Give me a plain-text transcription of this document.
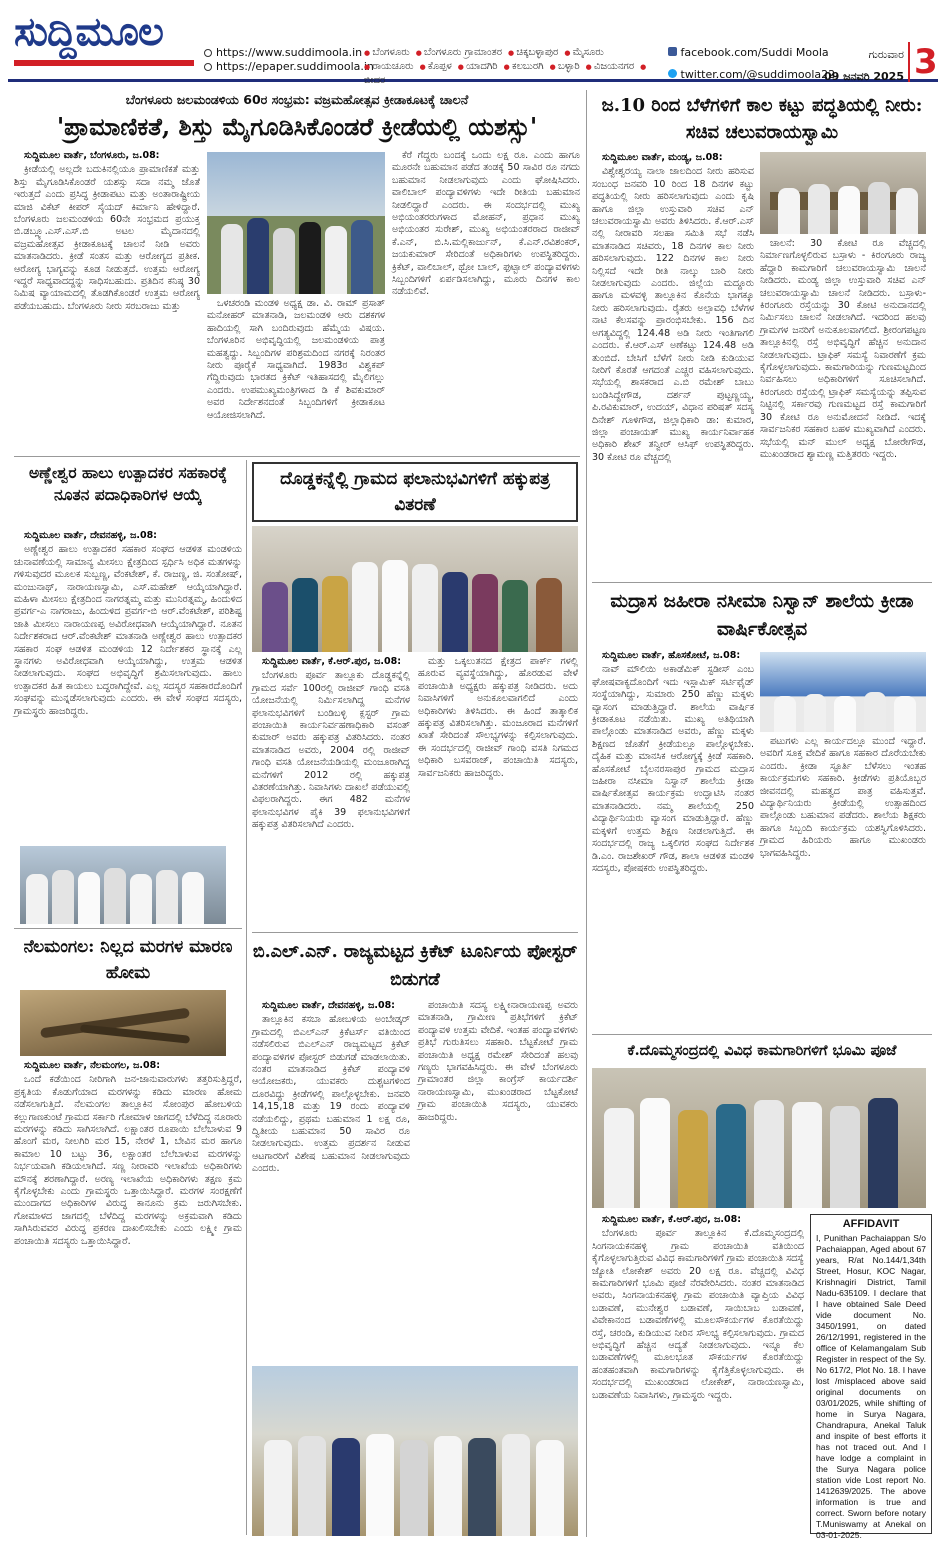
ಸುದ್ದಿಮೂಲ	https://www.suddimoola.in
https://epaper.suddimoola.in
● ಬೆಂಗಳೂರು ● ಬೆಂಗಳೂರು ಗ್ರಾಮಾಂತರ ● ಚಿಕ್ಕಬಳ್ಳಾಪುರ ● ಮೈಸೂರು
● ರಾಯಚೂರು ● ಕೊಪ್ಪಳ ● ಯಾದಗಿರಿ ● ಕಲಬುರಗಿ ● ಬಳ್ಳಾರಿ ● ವಿಜಯನಗರ● ಬೀದರ
facebook.com/Suddi Moola
twitter.com/@suddimoola22
ಗುರುವಾರ
09 ಜನವರಿ 2025 3
ಬೆಂಗಳೂರು ಜಲಮಂಡಳಿಯ 60ರ ಸಂಭ್ರಮ: ವಜ್ರಮಹೋತ್ಸವ ಕ್ರೀಡಾಕೂಟಕ್ಕೆ ಚಾಲನೆ
'ಪ್ರಾಮಾಣಿಕತೆ, ಶಿಸ್ತು ಮೈಗೂಡಿಸಿಕೊಂಡರೆ ಕ್ರೀಡೆಯಲ್ಲಿ ಯಶಸ್ಸು'

ಸುದ್ದಿಮೂಲ ವಾರ್ತೆ, ಬೆಂಗಳೂರು, ಜ.08:

ಕ್ರೀಡೆಯಲ್ಲಿ ಅಲ್ಲದೇ ಬದುಕಿನಲ್ಲಿಯೂ ಪ್ರಾಮಾಣಿಕತೆ ಮತ್ತು ಶಿಸ್ತು ಮೈಗೂಡಿಸಿಕೊಂಡರೆ ಯಶಸ್ಸು ಸದಾ ನಮ್ಮ ಜೊತೆ ಇರುತ್ತದೆ ಎಂದು ಪ್ರಸಿದ್ಧ ಕ್ರೀಡಾಪಟು ಮತ್ತು ಅಂತಾರಾಷ್ಟ್ರೀಯ ಮಾಜಿ ವಿಕೆಟ್ ಕೀಪರ್ ಸೈಯದ್ ಕಿರ್ಮಾನಿ ಹೇಳಿದ್ದಾರೆ. ಬೆಂಗಳೂರು ಜಲಮಂಡಳಿಯ 60ನೇ ಸಂಭ್ರಮದ ಪ್ರಯುಕ್ತ ಬಿ.ಡಬ್ಲ್ಯೂ.ಎಸ್.ಎಸ್.ಬಿ ಅಟಲ ಮೈದಾನದಲ್ಲಿ ವಜ್ರಮಹೋತ್ಸವ ಕ್ರೀಡಾಕೂಟಕ್ಕೆ ಚಾಲನೆ ನೀಡಿ ಅವರು ಮಾತನಾಡಿದರು. ಕ್ರೀಡೆ ಸಂತಸ ಮತ್ತು ಆರೋಗ್ಯದ ಪ್ರತೀಕ. ಆರೋಗ್ಯ ಭಾಗ್ಯವನ್ನು ಕೂಡ ನೀಡುತ್ತದೆ. ಉತ್ತಮ ಆರೋಗ್ಯ ಇದ್ದರೆ ಸಾಧ್ಯವಾದದ್ದನ್ನು ಸಾಧಿಸಬಹುದು. ಪ್ರತಿದಿನ ಕನಿಷ್ಠ 30 ನಿಮಿಷ ವ್ಯಾಯಾಮದಲ್ಲಿ ತೊಡಗಿಕೊಂಡರೆ ಉತ್ತಮ ಆರೋಗ್ಯ ಪಡೆಯಬಹುದು. ಬೆಂಗಳೂರು ನೀರು ಸರಬರಾಜು ಮತ್ತು	ಒಳಚರಂಡಿ ಮಂಡಳಿ ಅಧ್ಯಕ್ಷ ಡಾ. ವಿ. ರಾಮ್ ಪ್ರಸಾತ್ ಮನೋಹರ್ ಮಾತನಾಡಿ, ಜಲಮಂಡಳಿ ಆರು ದಶಕಗಳ ಹಾದಿಯಲ್ಲಿ ಸಾಗಿ ಬಂದಿರುವುದು ಹೆಮ್ಮೆಯ ವಿಷಯ. ಬೆಂಗಳೂರಿನ ಅಭಿವೃದ್ಧಿಯಲ್ಲಿ ಜಲಮಂಡಳಿಯ ಪಾತ್ರ ಮಹತ್ವದ್ದು. ಸಿಬ್ಬಂದಿಗಳ ಪರಿಶ್ರಮದಿಂದ ನಗರಕ್ಕೆ ನಿರಂತರ ನೀರು ಪೂರೈಕೆ ಸಾಧ್ಯವಾಗಿದೆ. 1983ರ ವಿಶ್ವಕಪ್ ಗೆದ್ದಿರುವುದು ಭಾರತದ ಕ್ರಿಕೆಟ್ ಇತಿಹಾಸದಲ್ಲಿ ಮೈಲಿಗಲ್ಲು ಎಂದರು. ಉಪಮುಖ್ಯಮಂತ್ರಿಗಳಾದ ಡಿ ಕೆ ಶಿವಕುಮಾರ್ ಅವರ ನಿರ್ದೇಶನದಂತೆ ಸಿಬ್ಬಂದಿಗಳಿಗೆ ಕ್ರೀಡಾಕೂಟ ಆಯೋಜಿಸಲಾಗಿದೆ.

ಕೆರೆ ಗೆದ್ದರು ಬಂದಕ್ಕೆ ಒಂದು ಲಕ್ಷ ರೂ. ಎಂದು ಹಾಗೂ ಮೂರನೇ ಬಹುಮಾನ ಪಡೆದ ತಂಡಕ್ಕೆ 50 ಸಾವಿರ ರೂ ನಗದು ಬಹುಮಾನ ನೀಡಲಾಗುವುದು ಎಂದು ಘೋಷಿಸಿದರು. ವಾಲಿಬಾಲ್ ಪಂದ್ಯಾವಳಿಗಳು ಇದೇ ರೀತಿಯ ಬಹುಮಾನ ನೀಡಲಿದ್ದಾರೆ ಎಂದರು. ಈ ಸಂದರ್ಭದಲ್ಲಿ ಮುಖ್ಯ ಅಭಿಯಂತರರುಗಳಾದ ಮೋಹನ್, ಪ್ರಧಾನ ಮುಖ್ಯ ಅಭಿಯಂತರ ಸುರೇಶ್, ಮುಖ್ಯ ಅಭಿಯಂತರರಾದ ರಾಜೀವ್ ಕೆ.ಎನ್, ಬಿ.ಸಿ.ಮಲ್ಲಿಕಾರ್ಜುನ್, ಕೆ.ಎನ್.ರವಿಶಂಕರ್, ಜಯಕುಮಾರ್ ಸೇರಿದಂತೆ ಅಧಿಕಾರಿಗಳು ಉಪಸ್ಥಿತರಿದ್ದರು. ಕ್ರಿಕೆಟ್, ವಾಲಿಬಾಲ್, ಥ್ರೋ ಬಾಲ್, ಫುಟ್ಬಾಲ್ ಪಂದ್ಯಾವಳಿಗಳು ಸಿಬ್ಬಂದಿಗಳಿಗೆ ಏರ್ಪಡಿಸಲಾಗಿದ್ದು, ಮೂರು ದಿನಗಳ ಕಾಲ ನಡೆಯಲಿವೆ.

ಜ.10 ರಿಂದ ಬೆಳೆಗಳಿಗೆ ಕಾಲ ಕಟ್ಟು ಪದ್ಧತಿಯಲ್ಲಿ ನೀರು: ಸಚಿವ ಚಲುವರಾಯಸ್ವಾಮಿ

ಸುದ್ದಿಮೂಲ ವಾರ್ತೆ, ಮಂಡ್ಯ, ಜ.08:

ವಿಶ್ವೇಶ್ವರಯ್ಯ ನಾಲಾ ಜಾಲದಿಂದ ನೀರು ಹರಿಸುವ ಸಂಬಂಧ ಜನವರಿ 10 ರಿಂದ 18 ದಿನಗಳ ಕಟ್ಟು ಪದ್ಧತಿಯಲ್ಲಿ ನೀರು ಹರಿಸಲಾಗುವುದು ಎಂದು ಕೃಷಿ ಹಾಗೂ ಜಿಲ್ಲಾ ಉಸ್ತುವಾರಿ ಸಚಿವ ಎನ್ ಚಲುವರಾಯಸ್ವಾಮಿ ಅವರು ತಿಳಿಸಿದರು. ಕೆ.ಆರ್.ಎಸ್ ನಲ್ಲಿ ನೀರಾವರಿ ಸಲಹಾ ಸಮಿತಿ ಸಭೆ ನಡೆಸಿ ಮಾತನಾಡಿದ ಸಚಿವರು, 18 ದಿನಗಳ ಕಾಲ ನೀರು ಹರಿಸಲಾಗುವುದು. 122 ದಿನಗಳ ಕಾಲ ನೀರು ನಿಲ್ಲಿಸದೆ ಇದೇ ರೀತಿ ನಾಲ್ಕು ಬಾರಿ ನೀರು ನೀಡಲಾಗುವುದು ಎಂದರು. ಜಿಲ್ಲೆಯ ಮದ್ದೂರು ಹಾಗೂ ಮಳವಳ್ಳಿ ತಾಲ್ಲೂಕಿನ ಕೊನೆಯ ಭಾಗಕ್ಕೂ ನೀರು ಹರಿಸಲಾಗುವುದು. ರೈತರು ಅಲ್ಪಾವಧಿ ಬೆಳೆಗಳ ನಾಟಿ ಕೆಲಸವನ್ನು ಪ್ರಾರಂಭಿಸಬೇಕು. 156 ದಿನ ಅಗತ್ಯವಿದ್ದಲ್ಲಿ 124.48 ಅಡಿ ನೀರು ಇಂತಿಗಾಗಲಿ ಎಂದರು. ಕೆ.ಆರ್.ಎಸ್ ಅಣೆಕಟ್ಟು 124.48 ಅಡಿ ತುಂಬಿದೆ. ಬೇಸಿಗೆ ಬೆಳೆಗೆ ನೀರು ನೀಡಿ ಕುಡಿಯುವ ನೀರಿಗೆ ಕೊರತೆ ಆಗದಂತೆ ಎಚ್ಚರ ವಹಿಸಲಾಗುವುದು. ಸಭೆಯಲ್ಲಿ ಶಾಸಕರಾದ ಎ.ಬಿ ರಮೇಶ್ ಬಾಬು ಬಂಡಿಸಿದ್ದೇಗೌಡ, ದರ್ಶನ್ ಪುಟ್ಟಣ್ಣಯ್ಯ, ಪಿ.ರವಿಕುಮಾರ್, ಉದಯ್, ವಿಧಾನ ಪರಿಷತ್ ಸದಸ್ಯ ದಿನೇಶ್ ಗೂಳಿಗೌಡ, ಜಿಲ್ಲಾಧಿಕಾರಿ ಡಾ: ಕುಮಾರ, ಜಿಲ್ಲಾ ಪಂಚಾಯತ್ ಮುಖ್ಯ ಕಾರ್ಯನಿರ್ವಾಹಕ ಅಧಿಕಾರಿ ಶೇಖ್ ತನ್ವೀರ್ ಆಸಿಫ್ ಉಪಸ್ಥಿತರಿದ್ದರು. 30 ಕೋಟಿ ರೂ ವೆಚ್ಚದಲ್ಲಿ

ಚಾಲನೆ: 30 ಕೋಟಿ ರೂ ವೆಚ್ಚದಲ್ಲಿ ನಿರ್ಮಾಣಗೊಳ್ಳಲಿರುವ ಬಸ್ರಾಳು - ಕಿರಂಗೂರು ರಾಜ್ಯ ಹೆದ್ದಾರಿ ಕಾಮಗಾರಿಗೆ ಚಲುವರಾಯಸ್ವಾಮಿ ಚಾಲನೆ ನೀಡಿದರು. ಮಂಡ್ಯ ಜಿಲ್ಲಾ ಉಸ್ತುವಾರಿ ಸಚಿವ ಎನ್ ಚಲುವರಾಯಸ್ವಾಮಿ ಚಾಲನೆ ನೀಡಿದರು. ಬಸ್ರಾಳು-ಕಿರಂಗೂರು ರಸ್ತೆಯನ್ನು 30 ಕೋಟಿ ಅನುದಾನದಲ್ಲಿ ನಿರ್ಮಿಸಲು ಚಾಲನೆ ನೀಡಲಾಗಿದೆ. ಇದರಿಂದ ಹಲವು ಗ್ರಾಮಗಳ ಜನರಿಗೆ ಅನುಕೂಲವಾಗಲಿದೆ. ಶ್ರೀರಂಗಪಟ್ಟಣ ತಾಲ್ಲೂಕಿನಲ್ಲಿ ರಸ್ತೆ ಅಭಿವೃದ್ಧಿಗೆ ಹೆಚ್ಚಿನ ಅನುದಾನ ನೀಡಲಾಗುವುದು. ಟ್ರಾಫಿಕ್ ಸಮಸ್ಯೆ ನಿವಾರಣೆಗೆ ಕ್ರಮ ಕೈಗೊಳ್ಳಲಾಗುವುದು. ಕಾಮಗಾರಿಯನ್ನು ಗುಣಮಟ್ಟದಿಂದ ನಿರ್ವಹಿಸಲು ಅಧಿಕಾರಿಗಳಿಗೆ ಸೂಚಿಸಲಾಗಿದೆ. ಕಿರಂಗೂರು ರಸ್ತೆಯಲ್ಲಿ ಟ್ರಾಫಿಕ್ ಸಮಸ್ಯೆಯನ್ನು ತಪ್ಪಿಸುವ ನಿಟ್ಟಿನಲ್ಲಿ ಸರ್ಕಾರವು ಗುಣಮಟ್ಟದ ರಸ್ತೆ ಕಾಮಗಾರಿಗೆ 30 ಕೋಟಿ ರೂ ಅನುಮೋದನೆ ನೀಡಿದೆ. ಇದಕ್ಕೆ ಸಾರ್ವಜನಿಕರ ಸಹಕಾರ ಬಹಳ ಮುಖ್ಯವಾಗಿದೆ ಎಂದರು. ಸಭೆಯಲ್ಲಿ ಮನ್ ಮುಲ್ ಅಧ್ಯಕ್ಷ ಬೋರೇಗೌಡ, ಮುಖಂಡರಾದ ಶ್ಯಾಮಣ್ಣ ಮತ್ತಿತರರು ಇದ್ದರು.

ಅಣ್ಣೇಶ್ವರ ಹಾಲು ಉತ್ಪಾದಕರ ಸಹಕಾರಕ್ಕೆ ನೂತನ ಪದಾಧಿಕಾರಿಗಳ ಆಯ್ಕೆ

ಸುದ್ದಿಮೂಲ ವಾರ್ತೆ, ದೇವನಹಳ್ಳಿ, ಜ.08:

ಅಣ್ಣೇಶ್ವರ ಹಾಲು ಉತ್ಪಾದಕರ ಸಹಕಾರ ಸಂಘದ ಆಡಳಿತ ಮಂಡಳಿಯ ಚುನಾವಣೆಯಲ್ಲಿ ಸಾಮಾನ್ಯ ಮೀಸಲು ಕ್ಷೇತ್ರದಿಂದ ಸ್ಪರ್ಧಿಸಿ ಅಧಿಕ ಮತಗಳನ್ನು ಗಳಿಸುವುದರ ಮೂಲಕ ಸುಬ್ಬಣ್ಣ, ವೆಂಕಟೇಶ್, ಕೆ. ರಾಜಣ್ಣ, ಜಿ. ಸಂತೋಷ್, ಮಂಜುನಾಥ್, ನಾರಾಯಣಸ್ವಾಮಿ, ಎಸ್.ಮಹೇಶ್ ಆಯ್ಕೆಯಾಗಿದ್ದಾರೆ. ಮಹಿಳಾ ಮೀಸಲು ಕ್ಷೇತ್ರದಿಂದ ನಾಗರತ್ನಮ್ಮ ಮತ್ತು ಮುನಿರತ್ನಮ್ಮ, ಹಿಂದುಳಿದ ಪ್ರವರ್ಗ-ಎ ನಾಗರಾಜು, ಹಿಂದುಳಿದ ಪ್ರವರ್ಗ-ಬಿ ಆರ್.ವೆಂಕಟೇಶ್, ಪರಿಶಿಷ್ಟ ಜಾತಿ ಮೀಸಲು ನಾರಾಯಣಪ್ಪ ಅವಿರೋಧವಾಗಿ ಆಯ್ಕೆಯಾಗಿದ್ದಾರೆ. ನೂತನ ನಿರ್ದೇಶಕರಾದ ಆರ್.ವೆಂಕಟೇಶ್ ಮಾತನಾಡಿ ಅಣ್ಣೇಶ್ವರ ಹಾಲು ಉತ್ಪಾದಕರ ಸಹಕಾರ ಸಂಘ ಆಡಳಿತ ಮಂಡಳಿಯ 12 ನಿರ್ದೇಶಕರ ಸ್ಥಾನಕ್ಕೆ ಎಲ್ಲ ಸ್ಥಾನಗಳು ಅವಿರೋಧವಾಗಿ ಆಯ್ಕೆಯಾಗಿದ್ದು, ಉತ್ತಮ ಆಡಳಿತ ನೀಡಲಾಗುವುದು. ಸಂಘದ ಅಭಿವೃದ್ಧಿಗೆ ಶ್ರಮಿಸಲಾಗುವುದು. ಹಾಲು ಉತ್ಪಾದಕರ ಹಿತ ಕಾಯಲು ಬದ್ಧರಾಗಿದ್ದೇವೆ. ಎಲ್ಲ ಸದಸ್ಯರ ಸಹಕಾರದೊಂದಿಗೆ ಸಂಘವನ್ನು ಮುನ್ನಡೆಸಲಾಗುವುದು ಎಂದರು. ಈ ವೇಳೆ ಸಂಘದ ಸದಸ್ಯರು, ಗ್ರಾಮಸ್ಥರು ಹಾಜರಿದ್ದರು.

ದೊಡ್ಡಕನ್ನೆಲ್ಲಿ ಗ್ರಾಮದ ಫಲಾನುಭವಿಗಳಿಗೆ ಹಕ್ಕುಪತ್ರ ವಿತರಣೆ

ಸುದ್ದಿಮೂಲ ವಾರ್ತೆ, ಕೆ.ಆರ್.ಪುರ, ಜ.08:

ಬೆಂಗಳೂರು ಪೂರ್ವ ತಾಲ್ಲೂಕು ದೊಡ್ಡಕನ್ನೆಲ್ಲಿ ಗ್ರಾಮದ ಸರ್ವೆ 100ರಲ್ಲಿ ರಾಜೀವ್ ಗಾಂಧಿ ವಸತಿ ಯೋಜನೆಯಲ್ಲಿ ನಿರ್ಮಿಸಲಾಗಿದ್ದ ಮನೆಗಳ ಫಲಾನುಭವಿಗಳಿಗೆ ಬಂಡಿಬಳ್ಳಿ ಕ್ಲಸ್ಟರ್ ಗ್ರಾಮ ಪಂಚಾಯಿತಿ ಕಾರ್ಯನಿರ್ವಹಣಾಧಿಕಾರಿ ವಸಂತ್ ಕುಮಾರ್ ಅವರು ಹಕ್ಕುಪತ್ರ ವಿತರಿಸಿದರು. ನಂತರ ಮಾತನಾಡಿದ ಅವರು, 2004 ರಲ್ಲಿ ರಾಜೀವ್ ಗಾಂಧಿ ವಸತಿ ಯೋಜನೆಯಡಿಯಲ್ಲಿ ಮಂಜೂರಾಗಿದ್ದ ಮನೆಗಳಿಗೆ 2012 ರಲ್ಲಿ ಹಕ್ಕುಪತ್ರ ವಿತರಣೆಯಾಗಿತ್ತು. ನಿವಾಸಿಗಳು ದಾಖಲೆ ಪಡೆಯುವಲ್ಲಿ ವಿಫಲರಾಗಿದ್ದರು. ಈಗ 482 ಮನೆಗಳ ಫಲಾನುಭವಿಗಳ ಪೈಕಿ 39 ಫಲಾನುಭವಿಗಳಿಗೆ ಹಕ್ಕುಪತ್ರ ವಿತರಿಸಲಾಗಿದೆ ಎಂದರು.

ಮತ್ತು ಒಕ್ಕಲುತನದ ಕ್ಷೇತ್ರದ ಪಾರ್ಕ್ ಗಳಲ್ಲಿ ಹೂರುವ ವ್ಯವಸ್ಥೆಯಾಗಿದ್ದು, ಹೊರಡುವ ವೇಳೆ ಪಂಚಾಯಿತಿ ಅಧ್ಯಕ್ಷರು ಹಕ್ಕುಪತ್ರ ನೀಡಿದರು. ಅದು ನಿವಾಸಿಗಳಿಗೆ ಅನುಕೂಲವಾಗಲಿದೆ ಎಂದು ಅಧಿಕಾರಿಗಳು ತಿಳಿಸಿದರು. ಈ ಹಿಂದೆ ತಾತ್ಕಾಲಿಕ ಹಕ್ಕುಪತ್ರ ವಿತರಿಸಲಾಗಿತ್ತು. ಮಂಜೂರಾದ ಮನೆಗಳಿಗೆ ಖಾತೆ ಸೇರಿದಂತೆ ಸೌಲಭ್ಯಗಳನ್ನು ಕಲ್ಪಿಸಲಾಗುವುದು. ಈ ಸಂದರ್ಭದಲ್ಲಿ ರಾಜೀವ್ ಗಾಂಧಿ ವಸತಿ ನಿಗಮದ ಅಧಿಕಾರಿ ಬಸವರಾಜ್, ಪಂಚಾಯಿತಿ ಸದಸ್ಯರು, ಸಾರ್ವಜನಿಕರು ಹಾಜರಿದ್ದರು.

ಮದ್ರಾಸ ಜಹೀರಾ ನಸೀಮಾ ನಿಸ್ವಾನ್ ಶಾಲೆಯ ಕ್ರೀಡಾ ವಾರ್ಷಿಕೋತ್ಸವ

ಸುದ್ದಿಮೂಲ ವಾರ್ತೆ, ಹೊಸಕೋಟೆ, ಜ.08:

ನಾವ್ ಮೌಲಿಯಿ ಅಕಾಡೆಮಿಕ್ ಸ್ಟಡೀಸ್ ಎಂಬ ಘೋಷವಾಕ್ಯದೊಂದಿಗೆ ಇದು ಇಸ್ಲಾಮಿಕ್ ಸರ್ಟಿಫೈಡ್ ಸಂಸ್ಥೆಯಾಗಿದ್ದು, ಸುಮಾರು 250 ಹೆಣ್ಣು ಮಕ್ಕಳು ವ್ಯಾಸಂಗ ಮಾಡುತ್ತಿದ್ದಾರೆ. ಶಾಲೆಯ ವಾರ್ಷಿಕ ಕ್ರೀಡಾಕೂಟ ನಡೆಯಿತು. ಮುಖ್ಯ ಅತಿಥಿಯಾಗಿ ಪಾಲ್ಗೊಂಡು ಮಾತನಾಡಿದ ಅವರು, ಹೆಣ್ಣು ಮಕ್ಕಳು ಶಿಕ್ಷಣದ ಜೊತೆಗೆ ಕ್ರೀಡೆಯಲ್ಲೂ ಪಾಲ್ಗೊಳ್ಳಬೇಕು. ದೈಹಿಕ ಮತ್ತು ಮಾನಸಿಕ ಆರೋಗ್ಯಕ್ಕೆ ಕ್ರೀಡೆ ಸಹಕಾರಿ. ಹೊಸಕೋಟೆ ಬೈಲನರಸಾಪುರ ಗ್ರಾಮದ ಮದ್ರಾಸ ಜಹೀರಾ ನಸೀಮಾ ನಿಸ್ವಾನ್ ಶಾಲೆಯ ಕ್ರೀಡಾ ವಾರ್ಷಿಕೋತ್ಸವ ಕಾರ್ಯಕ್ರಮ ಉದ್ಘಾಟಿಸಿ ನಂತರ ಮಾತನಾಡಿದರು. ನಮ್ಮ ಶಾಲೆಯಲ್ಲಿ 250 ವಿದ್ಯಾರ್ಥಿನಿಯರು ವ್ಯಾಸಂಗ ಮಾಡುತ್ತಿದ್ದಾರೆ. ಹೆಣ್ಣು ಮಕ್ಕಳಿಗೆ ಉತ್ತಮ ಶಿಕ್ಷಣ ನೀಡಲಾಗುತ್ತಿದೆ. ಈ ಸಂದರ್ಭದಲ್ಲಿ ರಾಜ್ಯ ಒಕ್ಕಲಿಗರ ಸಂಘದ ನಿರ್ದೇಶಕ ಡಿ.ಎಂ. ರಾಜಶೇಖರ್ ಗೌಡ, ಶಾಲಾ ಆಡಳಿತ ಮಂಡಳಿ ಸದಸ್ಯರು, ಪೋಷಕರು ಉಪಸ್ಥಿತರಿದ್ದರು.

ಪಟುಗಳು ಎಲ್ಲ ಕಾರ್ಯದಲ್ಲೂ ಮುಂದೆ ಇದ್ದಾರೆ. ಅವರಿಗೆ ಸೂಕ್ತ ವೇದಿಕೆ ಹಾಗೂ ಸಹಕಾರ ದೊರೆಯಬೇಕು ಎಂದರು. ಕ್ರೀಡಾ ಸ್ಫೂರ್ತಿ ಬೆಳೆಸಲು ಇಂತಹ ಕಾರ್ಯಕ್ರಮಗಳು ಸಹಕಾರಿ. ಕ್ರೀಡೆಗಳು ಪ್ರತಿಯೊಬ್ಬರ ಜೀವನದಲ್ಲಿ ಮಹತ್ವದ ಪಾತ್ರ ವಹಿಸುತ್ತವೆ. ವಿದ್ಯಾರ್ಥಿನಿಯರು ಕ್ರೀಡೆಯಲ್ಲಿ ಉತ್ಸಾಹದಿಂದ ಪಾಲ್ಗೊಂಡು ಬಹುಮಾನ ಪಡೆದರು. ಶಾಲೆಯ ಶಿಕ್ಷಕರು ಹಾಗೂ ಸಿಬ್ಬಂದಿ ಕಾರ್ಯಕ್ರಮ ಯಶಸ್ವಿಗೊಳಿಸಿದರು. ಗ್ರಾಮದ ಹಿರಿಯರು ಹಾಗೂ ಮುಖಂಡರು ಭಾಗವಹಿಸಿದ್ದರು.

ನೆಲಮಂಗಲ: ನಿಲ್ಲದ ಮರಗಳ ಮಾರಣ ಹೋಮ

ಸುದ್ದಿಮೂಲ ವಾರ್ತೆ, ನೆಲಮಂಗಲ, ಜ.08:

ಒಂದೆ ಕಡೆಯಿಂದ ನೀರಿಗಾಗಿ ಜನ-ಜಾನುವಾರುಗಳು ತತ್ತರಿಸುತ್ತಿದ್ದರೆ, ಪ್ರಕೃತಿಯ ಕೊಡುಗೆಯಾದ ಮರಗಳನ್ನು ಕಡಿದು ಮಾರಣ ಹೋಮ ನಡೆಸಲಾಗುತ್ತಿದೆ. ನೆಲಮಂಗಲ ತಾಲ್ಲೂಕಿನ ಸೋಂಪುರ ಹೋಬಳಿಯ ಕಲ್ಲುಗಾಣಕುಂಟೆ ಗ್ರಾಮದ ಸರ್ಕಾರಿ ಗೋಮಾಳ ಜಾಗದಲ್ಲಿ ಬೆಳೆದಿದ್ದ ನೂರಾರು ಮರಗಳನ್ನು ಕಡಿದು ಸಾಗಿಸಲಾಗಿದೆ. ಲಕ್ಷಾಂತರ ರೂಪಾಯಿ ಬೆಲೆಬಾಳುವ 9 ಹೊಂಗೆ ಮರ, ನೀಲಗಿರಿ ಮರ 15, ನೇರಳೆ 1, ಬೇವಿನ ಮರ ಹಾಗೂ ಕಾಮಾಲ 10 ಬಟ್ಟು 36, ಲಕ್ಷಾಂತರ ಬೆಲೆಬಾಳುವ ಮರಗಳನ್ನು ನಿರ್ಭಯವಾಗಿ ಕಡಿಯಲಾಗಿದೆ. ಸಣ್ಣ ನೀರಾವರಿ ಇಲಾಖೆಯ ಅಧಿಕಾರಿಗಳು ಮೌನಕ್ಕೆ ಶರಣಾಗಿದ್ದಾರೆ. ಅರಣ್ಯ ಇಲಾಖೆಯ ಅಧಿಕಾರಿಗಳು ತಕ್ಷಣ ಕ್ರಮ ಕೈಗೊಳ್ಳಬೇಕು ಎಂದು ಗ್ರಾಮಸ್ಥರು ಒತ್ತಾಯಿಸಿದ್ದಾರೆ. ಮರಗಳ ಸಂರಕ್ಷಣೆಗೆ ಮುಂದಾಗದ ಅಧಿಕಾರಿಗಳ ವಿರುದ್ಧ ಕಾನೂನು ಕ್ರಮ ಜರುಗಿಸಬೇಕು. ಗೋಮಾಳದ ಜಾಗದಲ್ಲಿ ಬೆಳೆದಿದ್ದ ಮರಗಳನ್ನು ಅಕ್ರಮವಾಗಿ ಕಡಿದು ಸಾಗಿಸಿರುವವರ ವಿರುದ್ಧ ಪ್ರಕರಣ ದಾಖಲಿಸಬೇಕು ಎಂದು ಲಕ್ಷ್ಮೀ ಗ್ರಾಮ ಪಂಚಾಯಿತಿ ಸದಸ್ಯರು ಒತ್ತಾಯಿಸಿದ್ದಾರೆ.

ಬಿ.ಎಲ್.ಎನ್. ರಾಜ್ಯಮಟ್ಟದ ಕ್ರಿಕೆಟ್ ಟೂರ್ನಿಯ ಪೋಸ್ಟರ್ ಬಿಡುಗಡೆ

ಸುದ್ದಿಮೂಲ ವಾರ್ತೆ, ದೇವನಹಳ್ಳಿ, ಜ.08:

ತಾಲ್ಲೂಕಿನ ಕಸಬಾ ಹೋಬಳಿಯ ಅಂಬೇಡ್ಕರ್ ಗ್ರಾಮದಲ್ಲಿ ಬಿಎಲ್ಎನ್ ಕ್ರಿಕೆಟರ್ಸ್ ವತಿಯಿಂದ ನಡೆಸಲಿರುವ ಬಿಎಲ್ಎನ್ ರಾಜ್ಯಮಟ್ಟದ ಕ್ರಿಕೆಟ್ ಪಂದ್ಯಾವಳಿಗಳ ಪೋಸ್ಟರ್ ಬಿಡುಗಡೆ ಮಾಡಲಾಯಿತು. ನಂತರ ಮಾತನಾಡಿದ ಕ್ರಿಕೆಟ್ ಪಂದ್ಯಾವಳಿ ಆಯೋಜಕರು, ಯುವಕರು ದುಶ್ಚಟಗಳಿಂದ ದೂರವಿದ್ದು ಕ್ರೀಡೆಗಳಲ್ಲಿ ಪಾಲ್ಗೊಳ್ಳಬೇಕು. ಜನವರಿ 14,15,18 ಮತ್ತು 19 ರಂದು ಪಂದ್ಯಾವಳಿ ನಡೆಯಲಿದ್ದು, ಪ್ರಥಮ ಬಹುಮಾನ 1 ಲಕ್ಷ ರೂ, ದ್ವಿತೀಯ ಬಹುಮಾನ 50 ಸಾವಿರ ರೂ ನೀಡಲಾಗುವುದು. ಉತ್ತಮ ಪ್ರದರ್ಶನ ನೀಡುವ ಆಟಗಾರರಿಗೆ ವಿಶೇಷ ಬಹುಮಾನ ನೀಡಲಾಗುವುದು ಎಂದರು.

ಪಂಚಾಯಿತಿ ಸದಸ್ಯ ಲಕ್ಷ್ಮೀನಾರಾಯಣಪ್ಪ ಅವರು ಮಾತನಾಡಿ, ಗ್ರಾಮೀಣ ಪ್ರತಿಭೆಗಳಿಗೆ ಕ್ರಿಕೆಟ್ ಪಂದ್ಯಾವಳಿ ಉತ್ತಮ ವೇದಿಕೆ. ಇಂತಹ ಪಂದ್ಯಾವಳಿಗಳು ಪ್ರತಿಭೆ ಗುರುತಿಸಲು ಸಹಕಾರಿ. ಬೆಟ್ಟಕೋಟೆ ಗ್ರಾಮ ಪಂಚಾಯಿತಿ ಅಧ್ಯಕ್ಷ ರಮೇಶ್ ಸೇರಿದಂತೆ ಹಲವು ಗಣ್ಯರು ಭಾಗವಹಿಸಿದ್ದರು. ಈ ವೇಳೆ ಬೆಂಗಳೂರು ಗ್ರಾಮಾಂತರ ಜಿಲ್ಲಾ ಕಾಂಗ್ರೆಸ್ ಕಾರ್ಯದರ್ಶಿ ನಾರಾಯಣಸ್ವಾಮಿ, ಮುಖಂಡರಾದ ಬೆಟ್ಟಕೋಟೆ ಗ್ರಾಮ ಪಂಚಾಯಿತಿ ಸದಸ್ಯರು, ಯುವಕರು ಹಾಜರಿದ್ದರು.

ಕೆ.ದೊಮ್ಮಸಂದ್ರದಲ್ಲಿ ವಿವಿಧ ಕಾಮಗಾರಿಗಳಿಗೆ ಭೂಮಿ ಪೂಜೆ

ಸುದ್ದಿಮೂಲ ವಾರ್ತೆ, ಕೆ.ಆರ್.ಪುರ, ಜ.08:

ಬೆಂಗಳೂರು ಪೂರ್ವ ತಾಲ್ಲೂಕಿನ ಕೆ.ದೊಮ್ಮಸಂದ್ರದಲ್ಲಿ ಸಿಂಗನಾಯಕನಹಳ್ಳಿ ಗ್ರಾಮ ಪಂಚಾಯಿತಿ ವತಿಯಿಂದ ಕೈಗೊಳ್ಳಲಾಗುತ್ತಿರುವ ವಿವಿಧ ಕಾಮಗಾರಿಗಳಿಗೆ ಗ್ರಾಮ ಪಂಚಾಯಿತಿ ಸದಸ್ಯೆ ಜ್ಯೋತಿ ಲೋಕೇಶ್ ಅವರು 20 ಲಕ್ಷ ರೂ. ವೆಚ್ಚದಲ್ಲಿ ವಿವಿಧ ಕಾಮಗಾರಿಗಳಿಗೆ ಭೂಮಿ ಪೂಜೆ ನೆರವೇರಿಸಿದರು. ನಂತರ ಮಾತನಾಡಿದ ಅವರು, ಸಿಂಗನಾಯಕನಹಳ್ಳಿ ಗ್ರಾಮ ಪಂಚಾಯಿತಿ ವ್ಯಾಪ್ತಿಯ ವಿವಿಧ ಬಡಾವಣೆ, ಮುನೇಶ್ವರ ಬಡಾವಣೆ, ಸಾಯಿಬಾಬ ಬಡಾವಣೆ, ವಿವೇಕಾನಂದ ಬಡಾವಣೆಗಳಲ್ಲಿ ಮೂಲಸೌಕರ್ಯಗಳ ಕೊರತೆಯಿದ್ದು ರಸ್ತೆ, ಚರಂಡಿ, ಕುಡಿಯುವ ನೀರಿನ ಸೌಲಭ್ಯ ಕಲ್ಪಿಸಲಾಗುವುದು. ಗ್ರಾಮದ ಅಭಿವೃದ್ಧಿಗೆ ಹೆಚ್ಚಿನ ಆದ್ಯತೆ ನೀಡಲಾಗುವುದು. ಇನ್ನೂ ಕೆಲ ಬಡಾವಣೆಗಳಲ್ಲಿ ಮೂಲಭೂತ ಸೌಕರ್ಯಗಳ ಕೊರತೆಯಿದ್ದು ಹಂತಹಂತವಾಗಿ ಕಾಮಗಾರಿಗಳನ್ನು ಕೈಗೆತ್ತಿಕೊಳ್ಳಲಾಗುವುದು. ಈ ಸಂದರ್ಭದಲ್ಲಿ ಮುಖಂಡರಾದ ಲೋಕೇಶ್, ನಾರಾಯಣಸ್ವಾಮಿ, ಬಡಾವಣೆಯ ನಿವಾಸಿಗಳು, ಗ್ರಾಮಸ್ಥರು ಇದ್ದರು.

AFFIDAVIT
I, Punithan Pachaiappan S/o Pachaiappan, Aged about 67 years, R/at No.144/1,34th Street, Hosur, KOC Nagar, Krishnagiri District, Tamil Nadu-635109. I declare that I have obtained Sale Deed vide document No. 3450/1991, on dated 26/12/1991, registered in the office of Kelamangalam Sub Register in respect of the Sy. No 617/2, Plot No. 18. I have lost /misplaced above said original documents on 03/01/2025, while shifting of home in Surya Nagara, Chandrapura, Anekal Taluk and inspite of best efforts it has not traced out. And I have lodge a complaint in the Surya Nagara police station vide Lost report No. 1412639/2025. The above information is true and correct. Sworn before notary T.Muniswamy at Anekal on 03-01-2025.
